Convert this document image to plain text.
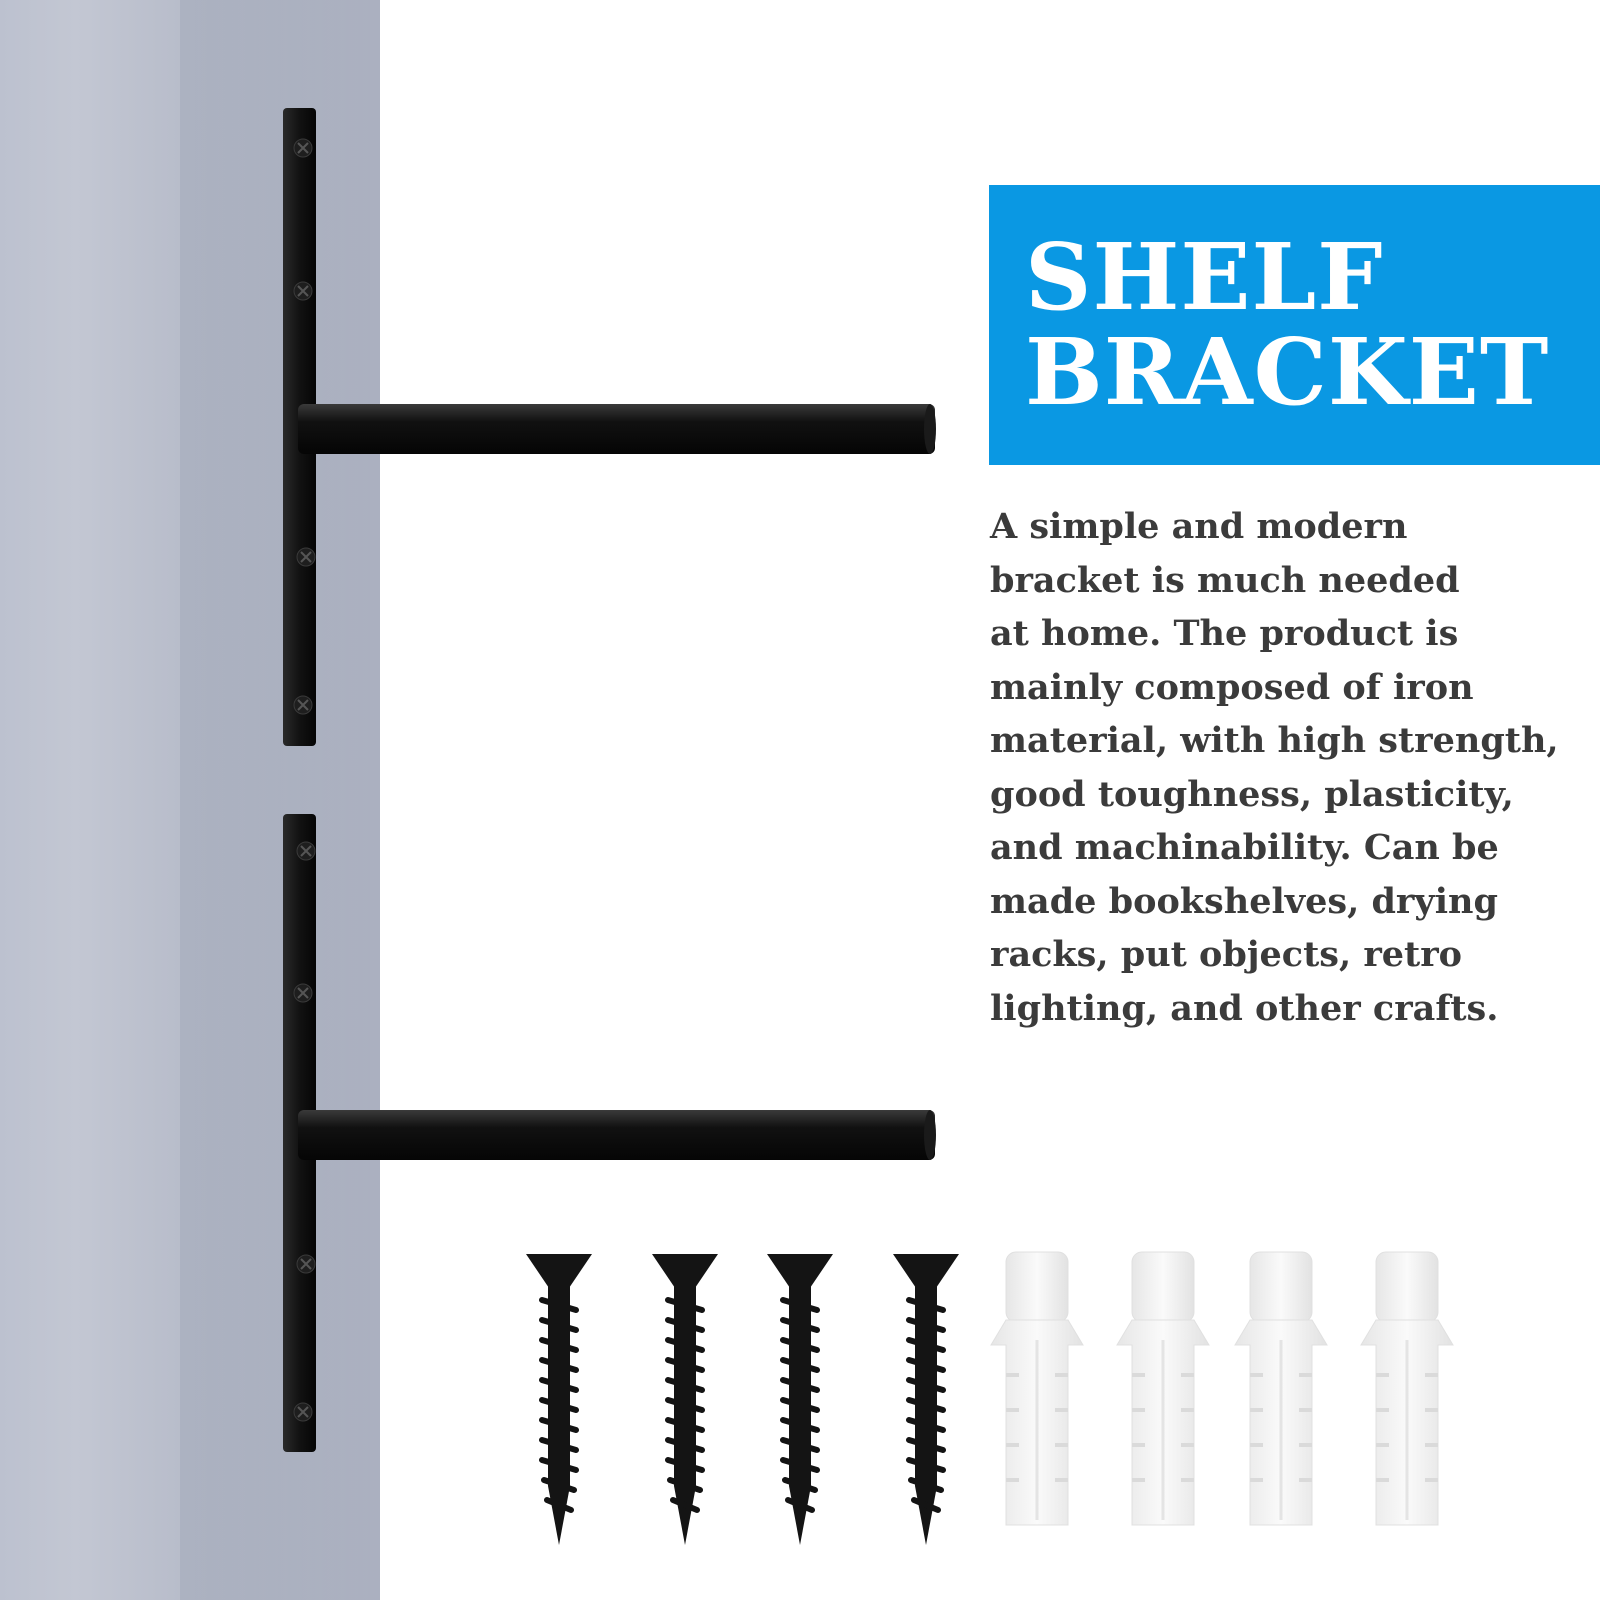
SHELF
BRACKET
A simple and modern
bracket is much needed
at home. The product is
mainly composed of iron
material, with high strength,
good toughness, plasticity,
and machinability. Can be
made bookshelves, drying
racks, put objects, retro
lighting, and other crafts.
